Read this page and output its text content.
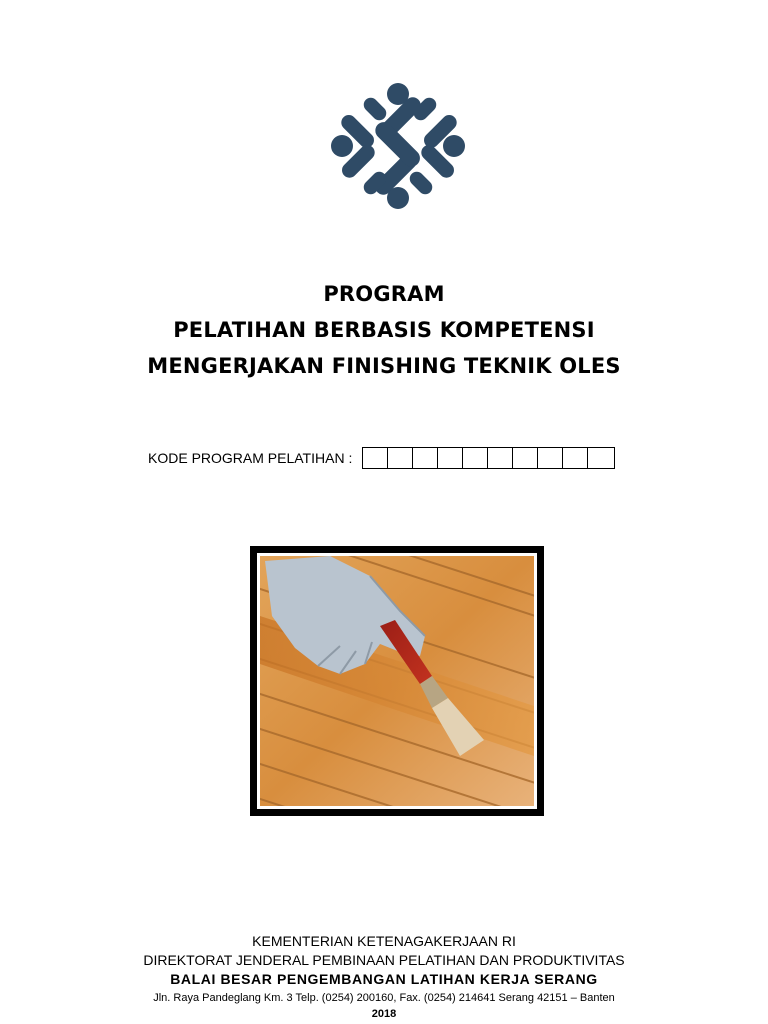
PROGRAM
PELATIHAN BERBASIS KOMPETENSI
MENGERJAKAN FINISHING TEKNIK OLES
KODE PROGRAM PELATIHAN :
KEMENTERIAN KETENAGAKERJAAN RI
DIREKTORAT JENDERAL PEMBINAAN PELATIHAN DAN PRODUKTIVITAS
BALAI BESAR PENGEMBANGAN LATIHAN KERJA SERANG
Jln. Raya Pandeglang Km. 3 Telp. (0254) 200160, Fax. (0254) 214641 Serang 42151 – Banten
2018
